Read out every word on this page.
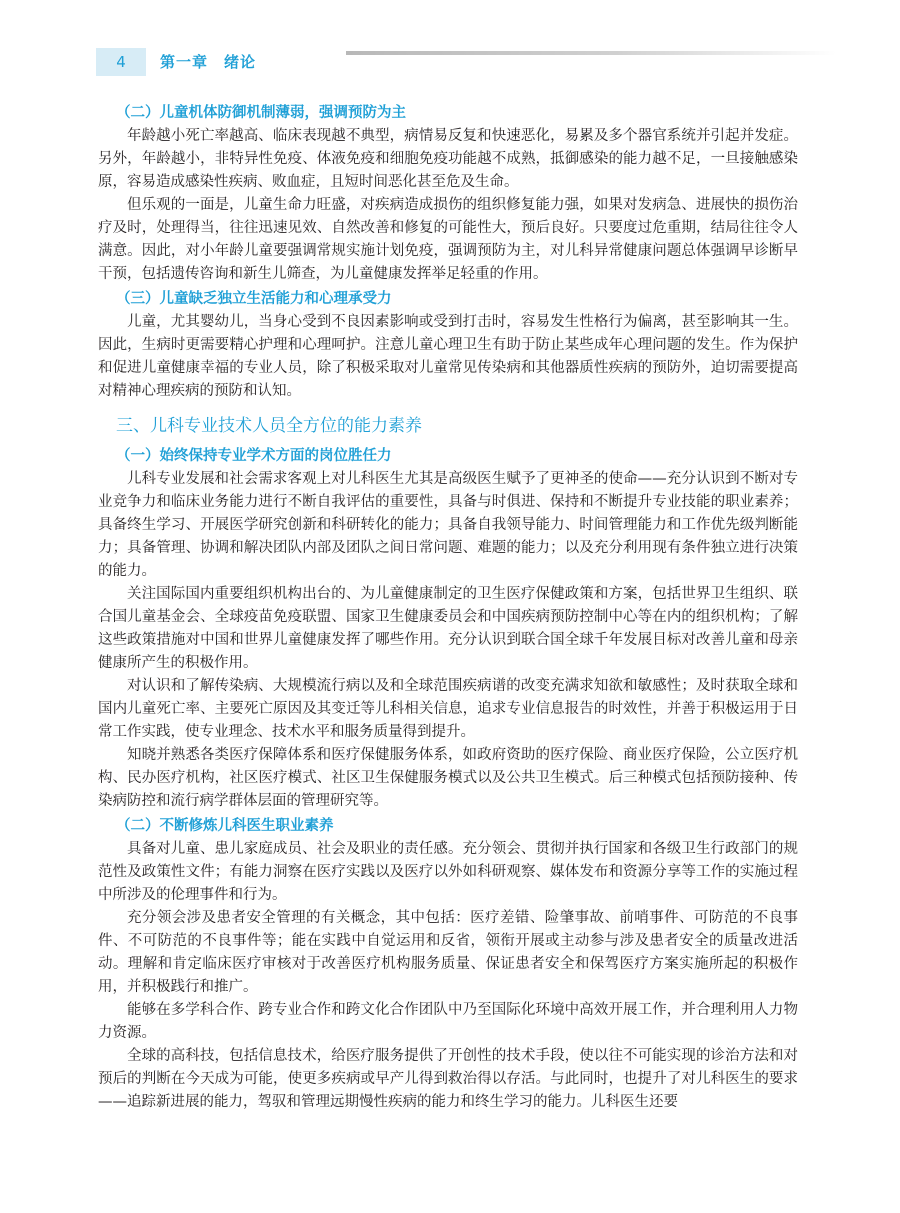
4	第一章　绪论
（二）儿童机体防御机制薄弱，强调预防为主

年龄越小死亡率越高、临床表现越不典型，病情易反复和快速恶化，易累及多个器官系统并引起并发症。另外，年龄越小，非特异性免疫、体液免疫和细胞免疫功能越不成熟，抵御感染的能力越不足，一旦接触感染原，容易造成感染性疾病、败血症，且短时间恶化甚至危及生命。

但乐观的一面是，儿童生命力旺盛，对疾病造成损伤的组织修复能力强，如果对发病急、进展快的损伤治疗及时，处理得当，往往迅速见效、自然改善和修复的可能性大，预后良好。只要度过危重期，结局往往令人满意。因此，对小年龄儿童要强调常规实施计划免疫，强调预防为主，对儿科异常健康问题总体强调早诊断早干预，包括遗传咨询和新生儿筛查，为儿童健康发挥举足轻重的作用。

（三）儿童缺乏独立生活能力和心理承受力

儿童，尤其婴幼儿，当身心受到不良因素影响或受到打击时，容易发生性格行为偏离，甚至影响其一生。因此，生病时更需要精心护理和心理呵护。注意儿童心理卫生有助于防止某些成年心理问题的发生。作为保护和促进儿童健康幸福的专业人员，除了积极采取对儿童常见传染病和其他器质性疾病的预防外，迫切需要提高对精神心理疾病的预防和认知。

三、儿科专业技术人员全方位的能力素养
（一）始终保持专业学术方面的岗位胜任力

儿科专业发展和社会需求客观上对儿科医生尤其是高级医生赋予了更神圣的使命——充分认识到不断对专业竞争力和临床业务能力进行不断自我评估的重要性，具备与时俱进、保持和不断提升专业技能的职业素养；具备终生学习、开展医学研究创新和科研转化的能力；具备自我领导能力、时间管理能力和工作优先级判断能力；具备管理、协调和解决团队内部及团队之间日常问题、难题的能力；以及充分利用现有条件独立进行决策的能力。

关注国际国内重要组织机构出台的、为儿童健康制定的卫生医疗保健政策和方案，包括世界卫生组织、联合国儿童基金会、全球疫苗免疫联盟、国家卫生健康委员会和中国疾病预防控制中心等在内的组织机构；了解这些政策措施对中国和世界儿童健康发挥了哪些作用。充分认识到联合国全球千年发展目标对改善儿童和母亲健康所产生的积极作用。

对认识和了解传染病、大规模流行病以及和全球范围疾病谱的改变充满求知欲和敏感性；及时获取全球和国内儿童死亡率、主要死亡原因及其变迁等儿科相关信息，追求专业信息报告的时效性，并善于积极运用于日常工作实践，使专业理念、技术水平和服务质量得到提升。

知晓并熟悉各类医疗保障体系和医疗保健服务体系，如政府资助的医疗保险、商业医疗保险，公立医疗机构、民办医疗机构，社区医疗模式、社区卫生保健服务模式以及公共卫生模式。后三种模式包括预防接种、传染病防控和流行病学群体层面的管理研究等。

（二）不断修炼儿科医生职业素养

具备对儿童、患儿家庭成员、社会及职业的责任感。充分领会、贯彻并执行国家和各级卫生行政部门的规范性及政策性文件；有能力洞察在医疗实践以及医疗以外如科研观察、媒体发布和资源分享等工作的实施过程中所涉及的伦理事件和行为。

充分领会涉及患者安全管理的有关概念，其中包括：医疗差错、险肇事故、前哨事件、可防范的不良事件、不可防范的不良事件等；能在实践中自觉运用和反省，领衔开展或主动参与涉及患者安全的质量改进活动。理解和肯定临床医疗审核对于改善医疗机构服务质量、保证患者安全和保驾医疗方案实施所起的积极作用，并积极践行和推广。

能够在多学科合作、跨专业合作和跨文化合作团队中乃至国际化环境中高效开展工作，并合理利用人力物力资源。

全球的高科技，包括信息技术，给医疗服务提供了开创性的技术手段，使以往不可能实现的诊治方法和对预后的判断在今天成为可能，使更多疾病或早产儿得到救治得以存活。与此同时，也提升了对儿科医生的要求——追踪新进展的能力，驾驭和管理远期慢性疾病的能力和终生学习的能力。儿科医生还要
